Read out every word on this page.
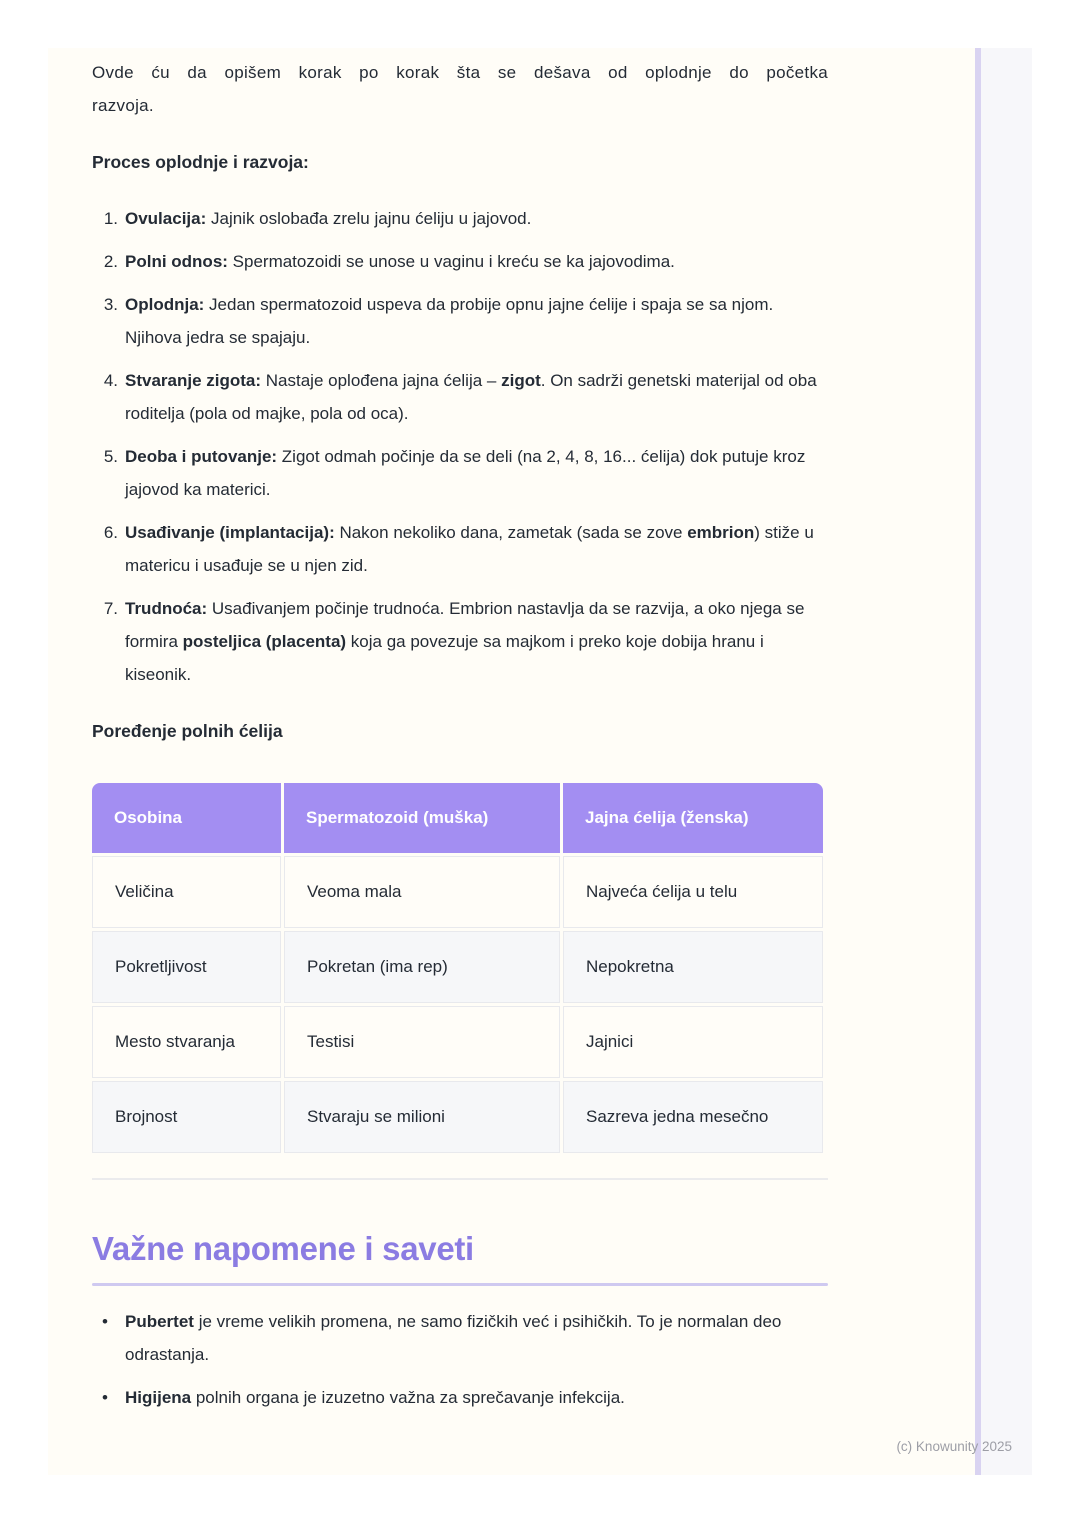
Ovde ću da opišem korak po korak šta se dešava od oplodnje do početka razvoja.

Proces oplodnje i razvoja:

1. Ovulacija: Jajnik oslobađa zrelu jajnu ćeliju u jajovod.
2. Polni odnos: Spermatozoidi se unose u vaginu i kreću se ka jajovodima.
3. Oplodnja: Jedan spermatozoid uspeva da probije opnu jajne ćelije i spaja se sa njom. Njihova jedra se spajaju.
4. Stvaranje zigota: Nastaje oplođena jajna ćelija – zigot. On sadrži genetski materijal od oba roditelja (pola od majke, pola od oca).
5. Deoba i putovanje: Zigot odmah počinje da se deli (na 2, 4, 8, 16... ćelija) dok putuje kroz jajovod ka materici.
6. Usađivanje (implantacija): Nakon nekoliko dana, zametak (sada se zove embrion) stiže u matericu i usađuje se u njen zid.
7. Trudnoća: Usađivanjem počinje trudnoća. Embrion nastavlja da se razvija, a oko njega se formira posteljica (placenta) koja ga povezuje sa majkom i preko koje dobija hranu i kiseonik.

Poređenje polnih ćelija

Osobina	Spermatozoid (muška)	Jajna ćelija (ženska)
Veličina	Veoma mala	Najveća ćelija u telu
Pokretljivost	Pokretan (ima rep)	Nepokretna
Mesto stvaranja	Testisi	Jajnici
Brojnost	Stvaraju se milioni	Sazreva jedna mesečno
Važne napomene i saveti
• Pubertet je vreme velikih promena, ne samo fizičkih već i psihičkih. To je normalan deo odrastanja.
• Higijena polnih organa je izuzetno važna za sprečavanje infekcija.
(c) Knowunity 2025
